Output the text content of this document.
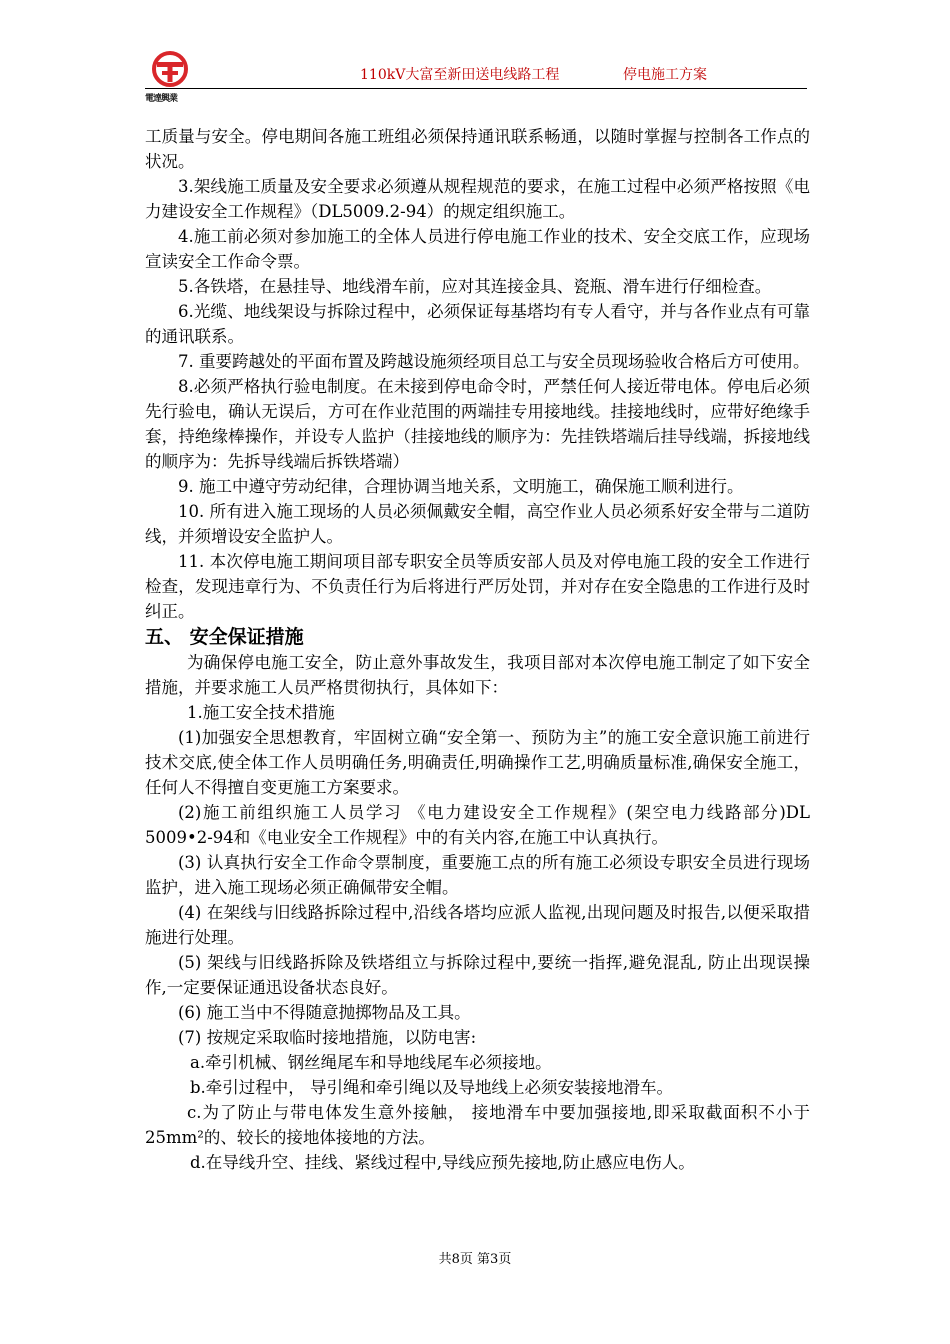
電達興業
110kV大富至新田送电线路工程	停电施工方案

工质量与安全。停电期间各施工班组必须保持通讯联系畅通，以随时掌握与控制各工作点的状况。

3.架线施工质量及安全要求必须遵从规程规范的要求，在施工过程中必须严格按照《电力建设安全工作规程》（DL5009.2-94）的规定组织施工。

4.施工前必须对参加施工的全体人员进行停电施工作业的技术、安全交底工作，应现场宣读安全工作命令票。

5.各铁塔，在悬挂导、地线滑车前，应对其连接金具、瓷瓶、滑车进行仔细检查。

6.光缆、地线架设与拆除过程中，必须保证每基塔均有专人看守，并与各作业点有可靠的通讯联系。

7. 重要跨越处的平面布置及跨越设施须经项目总工与安全员现场验收合格后方可使用。

8.必须严格执行验电制度。在未接到停电命令时，严禁任何人接近带电体。停电后必须先行验电，确认无误后，方可在作业范围的两端挂专用接地线。挂接地线时，应带好绝缘手套，持绝缘棒操作，并设专人监护（挂接地线的顺序为：先挂铁塔端后挂导线端，拆接地线的顺序为：先拆导线端后拆铁塔端）

9. 施工中遵守劳动纪律，合理协调当地关系，文明施工，确保施工顺利进行。

10. 所有进入施工现场的人员必须佩戴安全帽，高空作业人员必须系好安全带与二道防线，并须增设安全监护人。

11. 本次停电施工期间项目部专职安全员等质安部人员及对停电施工段的安全工作进行检查，发现违章行为、不负责任行为后将进行严厉处罚，并对存在安全隐患的工作进行及时纠正。

五、 安全保证措施

为确保停电施工安全，防止意外事故发生，我项目部对本次停电施工制定了如下安全措施，并要求施工人员严格贯彻执行，具体如下：

1.施工安全技术措施

(1)加强安全思想教育，牢固树立确“安全第一、预防为主”的施工安全意识施工前进行技术交底,使全体工作人员明确任务,明确责任,明确操作工艺,明确质量标准,确保安全施工，任何人不得擅自变更施工方案要求。

(2)施工前组织施工人员学习 《电力建设安全工作规程》(架空电力线路部分)DL 5009•2-94和《电业安全工作规程》中的有关内容,在施工中认真执行。

(3) 认真执行安全工作命令票制度，重要施工点的所有施工必须设专职安全员进行现场监护，进入施工现场必须正确佩带安全帽。

(4) 在架线与旧线路拆除过程中,沿线各塔均应派人监视,出现问题及时报告,以便采取措施进行处理。

(5) 架线与旧线路拆除及铁塔组立与拆除过程中,要统一指挥,避免混乱, 防止出现误操作,一定要保证通迅设备状态良好。

(6) 施工当中不得随意抛掷物品及工具。

(7) 按规定采取临时接地措施，以防电害:

a.牵引机械、钢丝绳尾车和导地线尾车必须接地。

b.牵引过程中， 导引绳和牵引绳以及导地线上必须安装接地滑车。

c.为了防止与带电体发生意外接触， 接地滑车中要加强接地,即采取截面积不小于25mm²的、较长的接地体接地的方法。

d.在导线升空、挂线、紧线过程中,导线应预先接地,防止感应电伤人。

共8页 第3页
